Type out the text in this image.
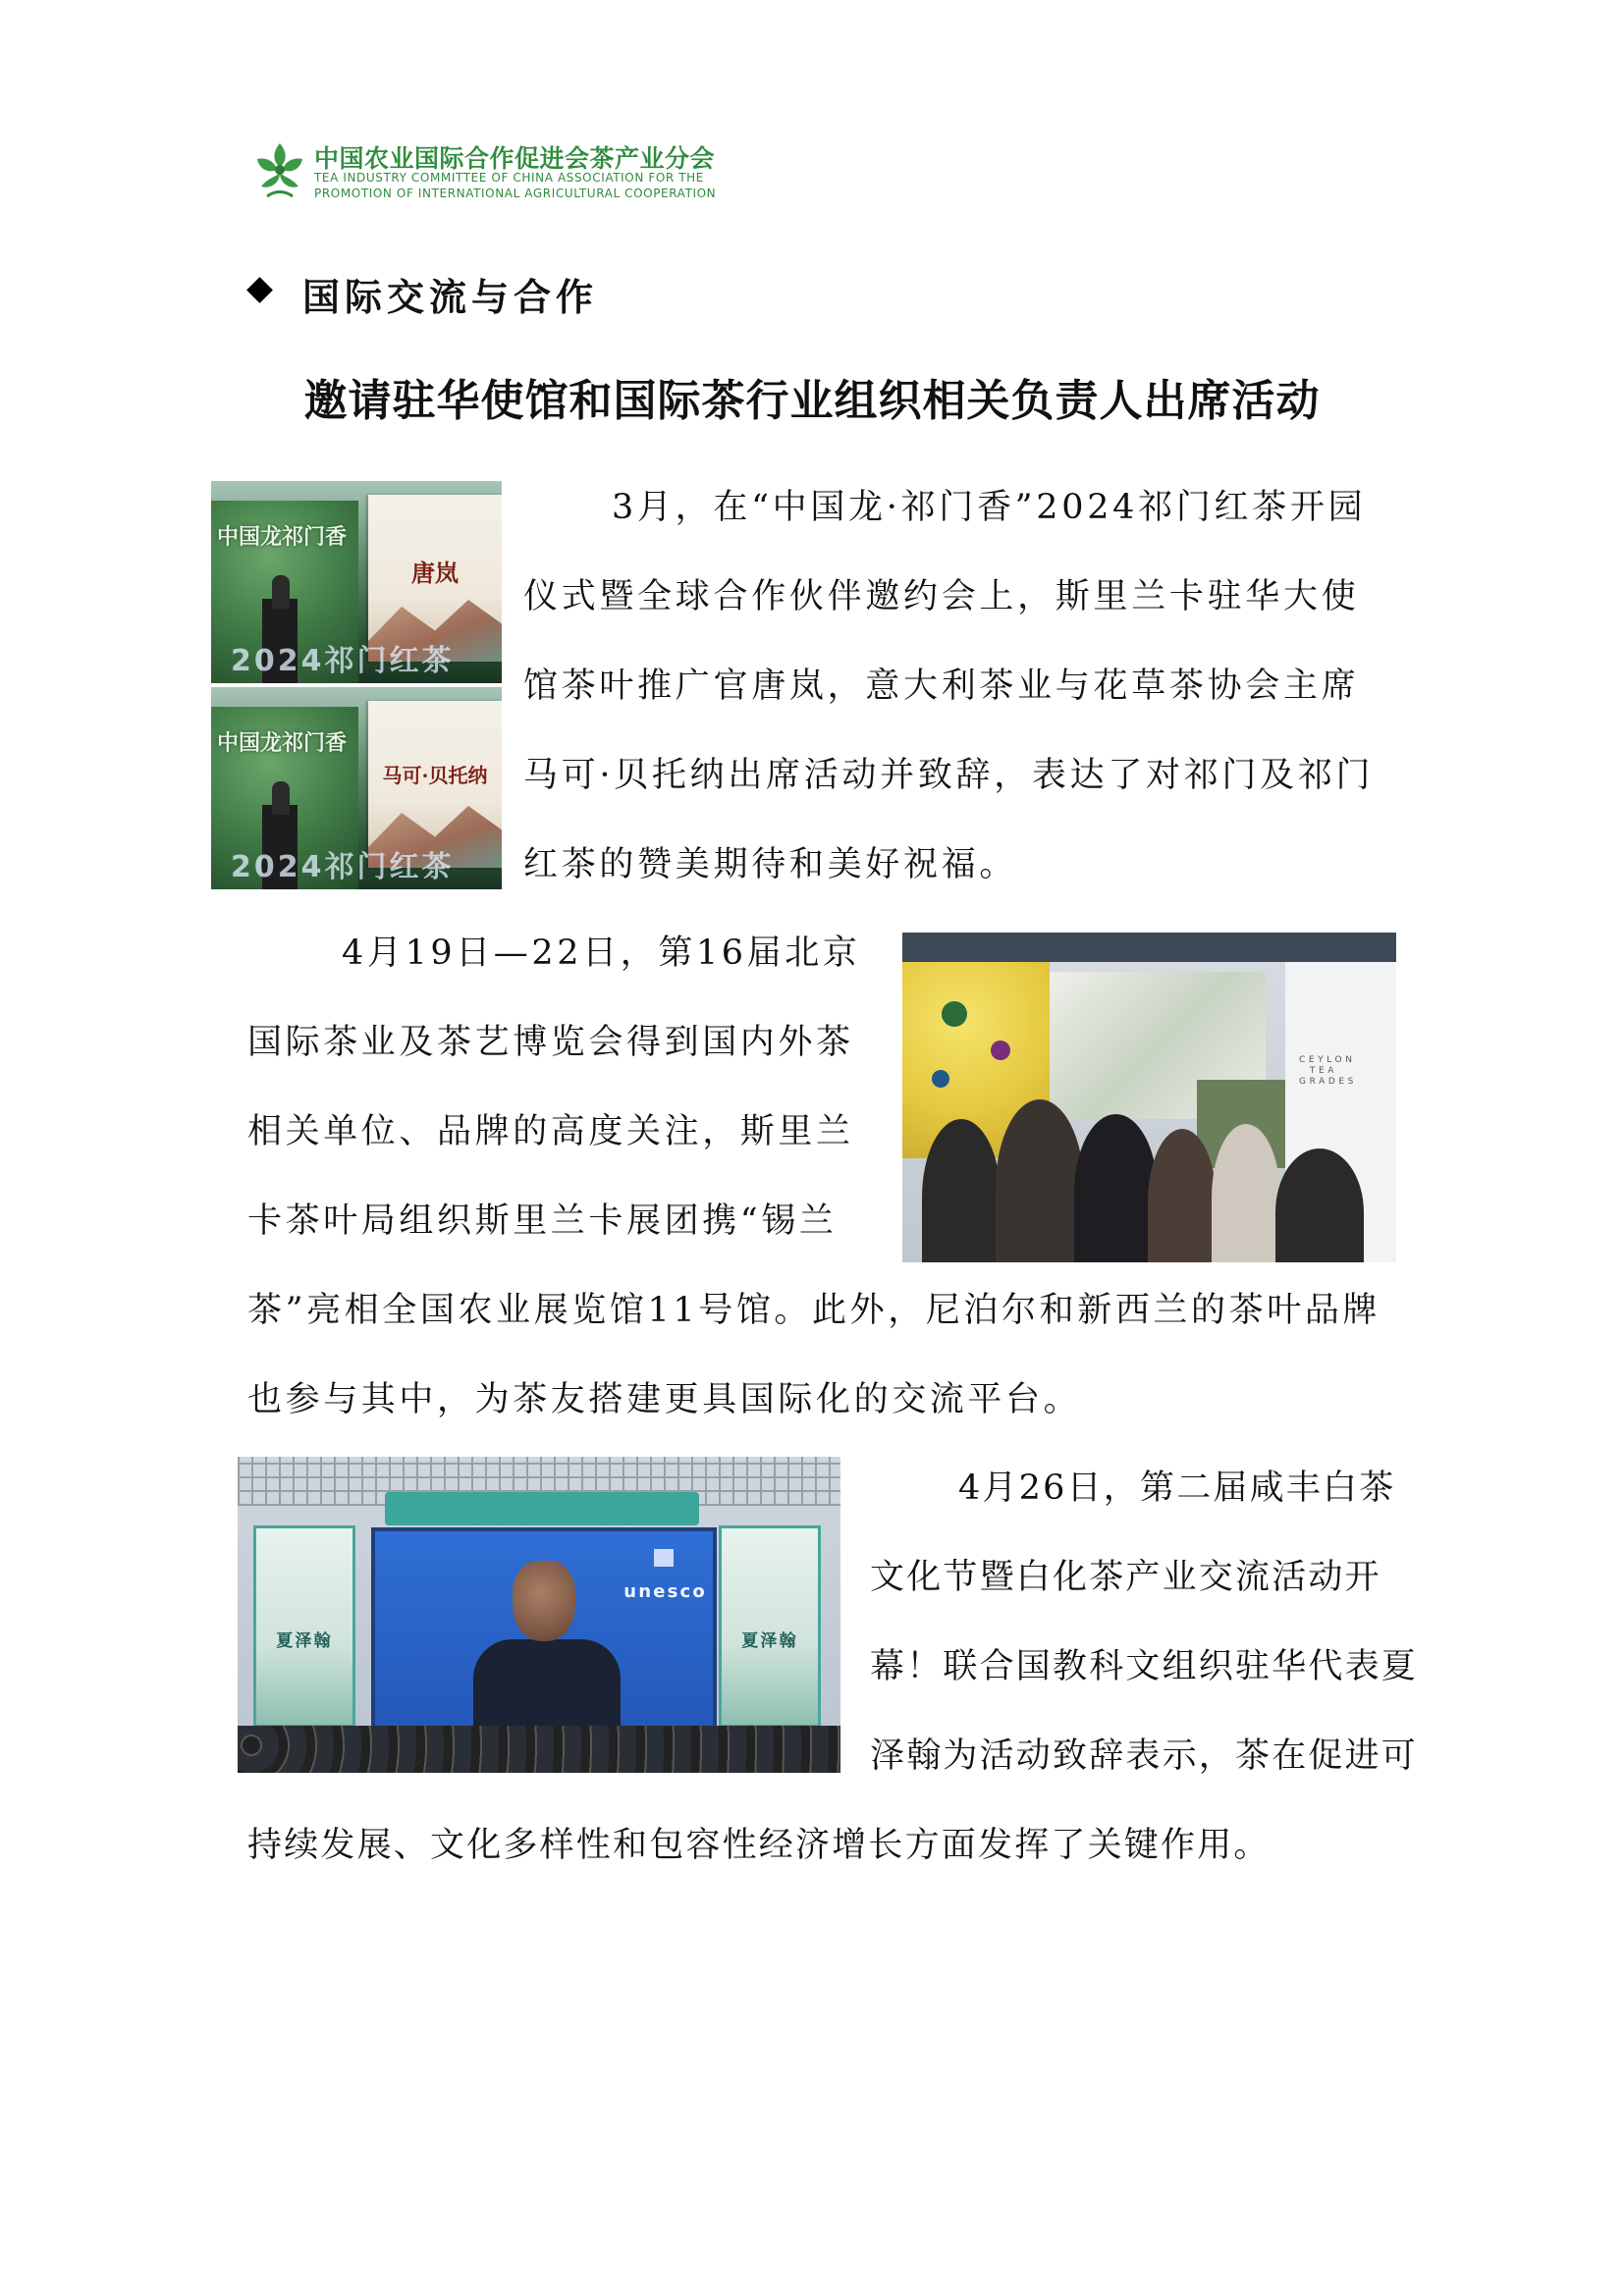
中国农业国际合作促进会茶产业分会
TEA INDUSTRY COMMITTEE OF CHINA ASSOCIATION FOR THE
PROMOTION OF INTERNATIONAL AGRICULTURAL COOPERATION
国际交流与合作
邀请驻华使馆和国际茶行业组织相关负责人出席活动
中国龙祁门香
唐岚
2024祁门红茶
中国龙祁门香
马可·贝托纳
2024祁门红茶
3月，在“中国龙·祁门香”2024祁门红茶开园仪式暨全球合作伙伴邀约会上，斯里兰卡驻华大使馆茶叶推广官唐岚，意大利茶业与花草茶协会主席马可·贝托纳出席活动并致辞，表达了对祁门及祁门红茶的赞美期待和美好祝福。
CEYLON TEA GRADES
4月19日—22日，第16届北京国际茶业及茶艺博览会得到国内外茶相关单位、品牌的高度关注，斯里兰卡茶叶局组织斯里兰卡展团携“锡兰茶”亮相全国农业展览馆11号馆。此外，尼泊尔和新西兰的茶叶品牌也参与其中，为茶友搭建更具国际化的交流平台。
夏泽翰	夏泽翰
unesco
4月26日，第二届咸丰白茶文化节暨白化茶产业交流活动开幕！联合国教科文组织驻华代表夏泽翰为活动致辞表示，茶在促进可持续发展、文化多样性和包容性经济增长方面发挥了关键作用。
